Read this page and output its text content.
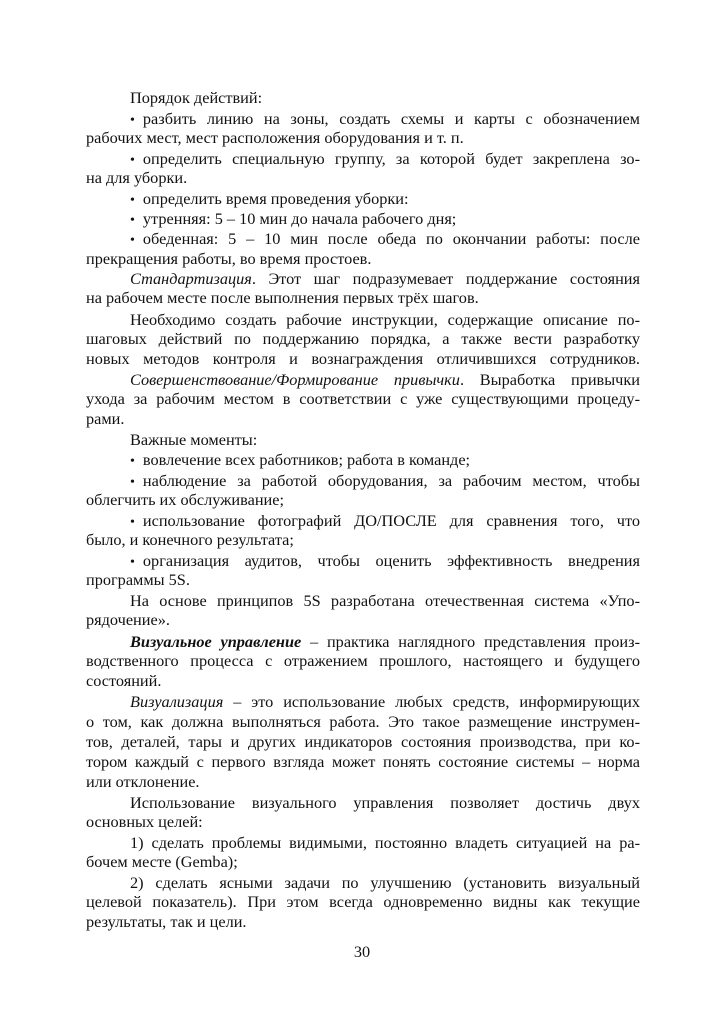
Порядок действий:
• разбить линию на зоны, создать схемы и карты с обозначением
рабочих мест, мест расположения оборудования и т. п.
• определить специальную группу, за которой будет закреплена зо-
на для уборки.
• определить время проведения уборки:
• утренняя: 5 – 10 мин до начала рабочего дня;
• обеденная: 5 – 10 мин после обеда по окончании работы: после
прекращения работы, во время простоев.
Стандартизация. Этот шаг подразумевает поддержание состояния
на рабочем месте после выполнения первых трёх шагов.
Необходимо создать рабочие инструкции, содержащие описание по-
шаговых действий по поддержанию порядка, а также вести разработку
новых методов контроля и вознаграждения отличившихся сотрудников.
Совершенствование/Формирование привычки. Выработка привычки
ухода за рабочим местом в соответствии с уже существующими процеду-
рами.
Важные моменты:
• вовлечение всех работников; работа в команде;
• наблюдение за работой оборудования, за рабочим местом, чтобы
облегчить их обслуживание;
• использование фотографий ДО/ПОСЛЕ для сравнения того, что
было, и конечного результата;
• организация аудитов, чтобы оценить эффективность внедрения
программы 5S.
На основе принципов 5S разработана отечественная система «Упо-
рядочение».
Визуальное управление – практика наглядного представления произ-
водственного процесса с отражением прошлого, настоящего и будущего
состояний.
Визуализация – это использование любых средств, информирующих
о том, как должна выполняться работа. Это такое размещение инструмен-
тов, деталей, тары и других индикаторов состояния производства, при ко-
тором каждый с первого взгляда может понять состояние системы – норма
или отклонение.
Использование визуального управления позволяет достичь двух
основных целей:
1) сделать проблемы видимыми, постоянно владеть ситуацией на ра-
бочем месте (Gemba);
2) сделать ясными задачи по улучшению (установить визуальный
целевой показатель). При этом всегда одновременно видны как текущие
результаты, так и цели.
30
